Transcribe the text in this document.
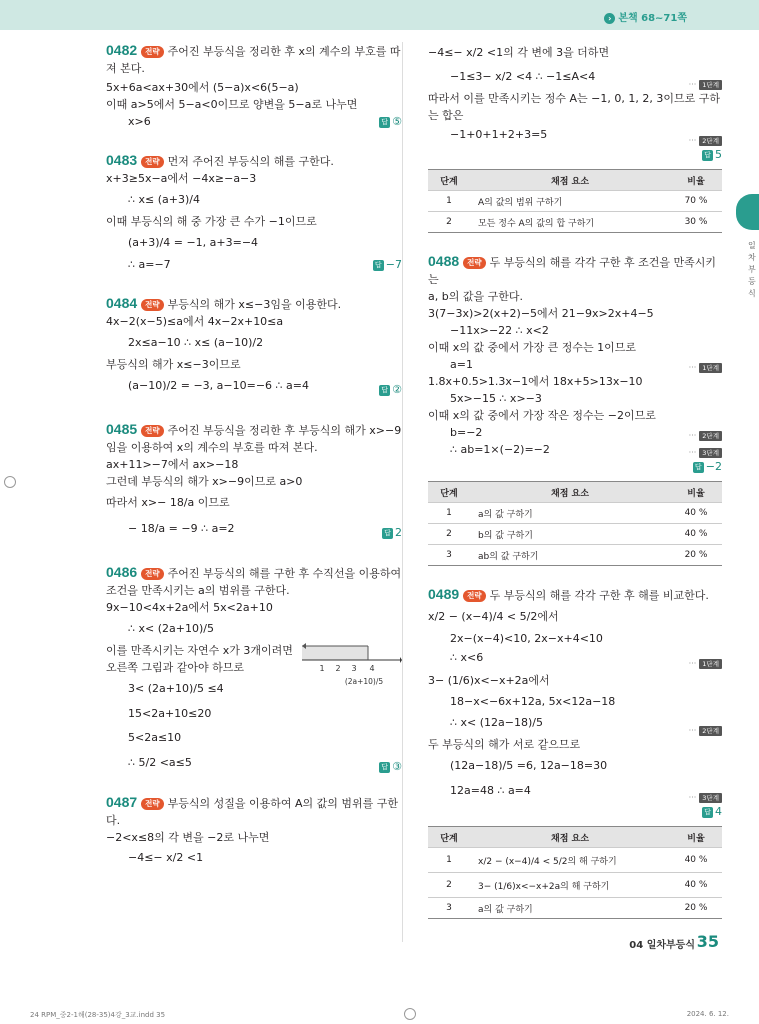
› 본책 68~71쪽
일차부등식
0482 전략 주어진 부등식을 정리한 후 x의 계수의 부호를 따져 본다.
5x+6a<ax+30에서 (5−a)x<6(5−a)
이때 a>5에서 5−a<0이므로 양변을 5−a로 나누면
x>6	답 ⑤
0483 전략 먼저 주어진 부등식의 해를 구한다.
x+3≥5x−a에서 −4x≥−a−3
∴ x≤ (a+3)/4
이때 부등식의 해 중 가장 큰 수가 −1이므로
(a+3)/4 = −1, a+3=−4
∴ a=−7	답 −7
0484 전략 부등식의 해가 x≤−3임을 이용한다.
4x−2(x−5)≤a에서 4x−2x+10≤a
2x≤a−10 ∴ x≤ (a−10)/2
부등식의 해가 x≤−3이므로
(a−10)/2 = −3, a−10=−6 ∴ a=4	답 ②
0485 전략 주어진 부등식을 정리한 후 부등식의 해가 x>−9
임을 이용하여 x의 계수의 부호를 따져 본다.
ax+11>−7에서 ax>−18
그런데 부등식의 해가 x>−9이므로 a>0
따라서 x>− 18/a 이므로
− 18/a = −9 ∴ a=2	답 2
0486 전략 주어진 부등식의 해를 구한 후 수직선을 이용하여
조건을 만족시키는 a의 범위를 구한다.
9x−10<4x+2a에서 5x<2a+10
∴ x< (2a+10)/5
이를 만족시키는 자연수 x가 3개이려면
1 2 3 4
(2a+10)/5
오른쪽 그림과 같아야 하므로
3< (2a+10)/5 ≤4
15<2a+10≤20
5<2a≤10
∴ 5/2 <a≤5	답 ③
0487 전략 부등식의 성질을 이용하여 A의 값의 범위를 구한다.
−2<x≤8의 각 변을 −2로 나누면
−4≤− x/2 <1
−4≤− x/2 <1의 각 변에 3을 더하면
−1≤3− x/2 <4 ∴ −1≤A<4
··· 1단계
따라서 이를 만족시키는 정수 A는 −1, 0, 1, 2, 3이므로 구하
는 합은
−1+0+1+2+3=5	··· 2단계
답 5
단계	채점 요소	비율
1	A의 값의 범위 구하기	70 %
2	모든 정수 A의 값의 합 구하기	30 %
0488 전략 두 부등식의 해를 각각 구한 후 조건을 만족시키는
a, b의 값을 구한다.
3(7−3x)>2(x+2)−5에서 21−9x>2x+4−5
−11x>−22 ∴ x<2
이때 x의 값 중에서 가장 큰 정수는 1이므로
a=1	··· 1단계
1.8x+0.5>1.3x−1에서 18x+5>13x−10
5x>−15 ∴ x>−3
이때 x의 값 중에서 가장 작은 정수는 −2이므로
b=−2	··· 2단계
∴ ab=1×(−2)=−2	··· 3단계
답 −2
단계	채점 요소	비율
1	a의 값 구하기	40 %
2	b의 값 구하기	40 %
3	ab의 값 구하기	20 %
0489 전략 두 부등식의 해를 각각 구한 후 해를 비교한다.
x/2 − (x−4)/4 < 5/2에서
2x−(x−4)<10, 2x−x+4<10
∴ x<6	··· 1단계
3− (1/6)x<−x+2a에서
18−x<−6x+12a, 5x<12a−18
∴ x< (12a−18)/5
··· 2단계
두 부등식의 해가 서로 같으므로
(12a−18)/5 =6, 12a−18=30
12a=48 ∴ a=4
··· 3단계
답 4
단계	채점 요소	비율
1	x/2 − (x−4)/4 < 5/2의 해 구하기	40 %
2	3− (1/6)x<−x+2a의 해 구하기	40 %
3	a의 값 구하기	20 %
04 일차부등식 35
24 RPM_중2-1해(28-35)4강_3교.indd 35	2024. 6. 12.
